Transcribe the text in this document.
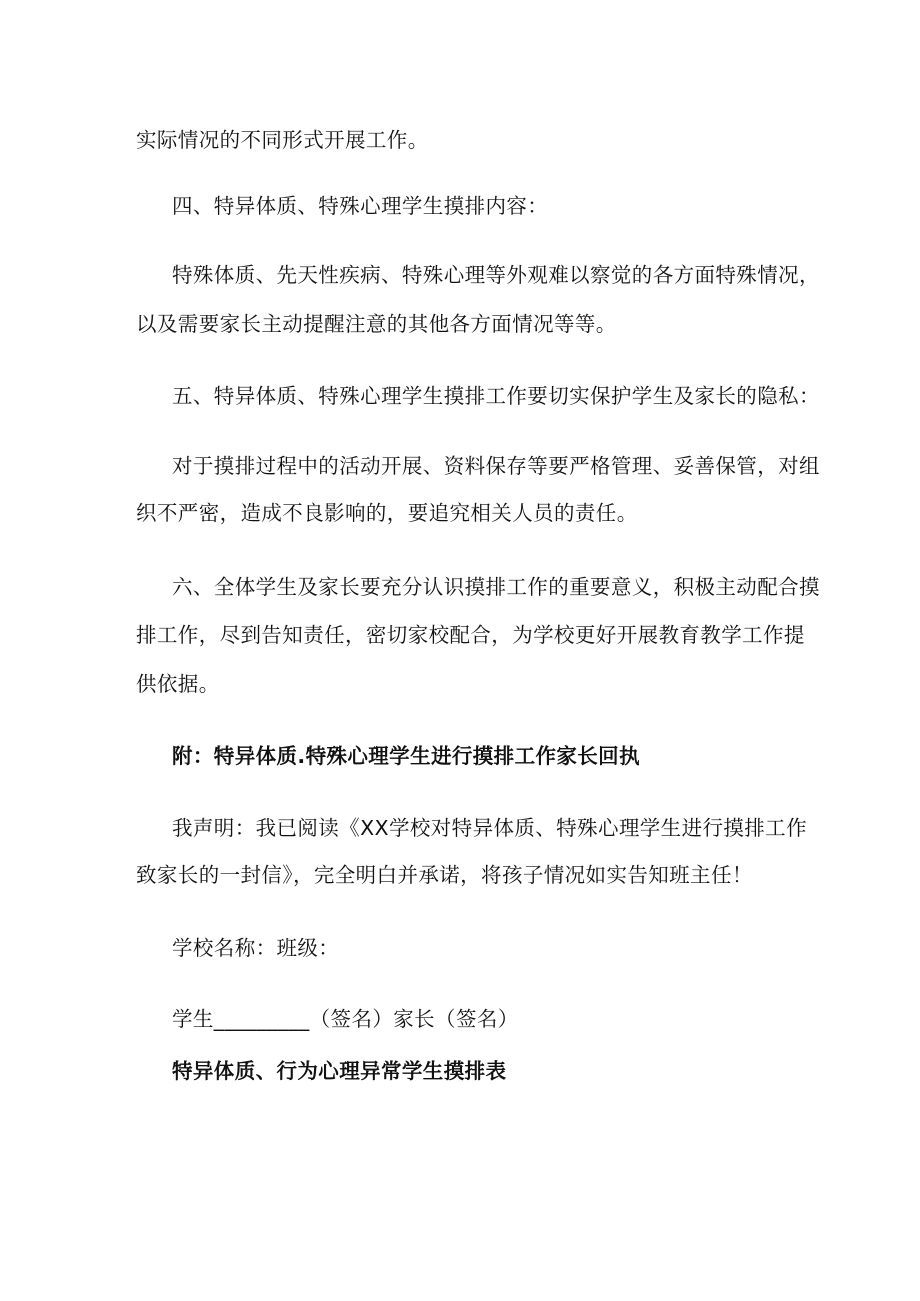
实际情况的不同形式开展工作。
四、特异体质、特殊心理学生摸排内容：
特殊体质、先天性疾病、特殊心理等外观难以察觉的各方面特殊情况，
以及需要家长主动提醒注意的其他各方面情况等等。
五、特异体质、特殊心理学生摸排工作要切实保护学生及家长的隐私：
对于摸排过程中的活动开展、资料保存等要严格管理、妥善保管，对组
织不严密，造成不良影响的，要追究相关人员的责任。
六、全体学生及家长要充分认识摸排工作的重要意义，积极主动配合摸
排工作，尽到告知责任，密切家校配合，为学校更好开展教育教学工作提
供依据。
附：特异体质.特殊心理学生进行摸排工作家长回执
我声明：我已阅读《XX学校对特异体质、特殊心理学生进行摸排工作
致家长的一封信》，完全明白并承诺，将孩子情况如实告知班主任！
学校名称：班级：
学生_________（签名）家长（签名）
特异体质、行为心理异常学生摸排表
